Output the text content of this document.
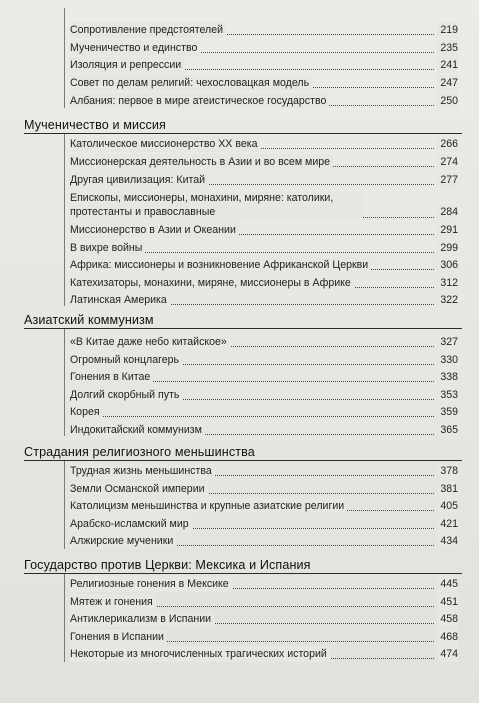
Сопротивление предстоятелей	219
Мученичество и единство	235
Изоляция и репрессии	241
Совет по делам религий: чехословацкая модель	247
Албания: первое в мире атеистическое государство	250
Мученичество и миссия
Католическое миссионерство XX века	266
Миссионерская деятельность в Азии и во всем мире	274
Другая цивилизация: Китай	277
Епископы, миссионеры, монахини, миряне: католики, протестанты и православные	284
Миссионерство в Азии и Океании	291
В вихре войны	299
Африка: миссионеры и возникновение Африканской Церкви	306
Катехизаторы, монахини, миряне, миссионеры в Африке	312
Латинская Америка	322
Азиатский коммунизм
«В Китае даже небо китайское»	327
Огромный концлагерь	330
Гонения в Китае	338
Долгий скорбный путь	353
Корея	359
Индокитайский коммунизм	365
Страдания религиозного меньшинства
Трудная жизнь меньшинства	378
Земли Османской империи	381
Католицизм меньшинства и крупные азиатские религии	405
Арабско-исламский мир	421
Алжирские мученики	434
Государство против Церкви: Мексика и Испания
Религиозные гонения в Мексике	445
Мятеж и гонения	451
Антиклерикализм в Испании	458
Гонения в Испании	468
Некоторые из многочисленных трагических историй	474
